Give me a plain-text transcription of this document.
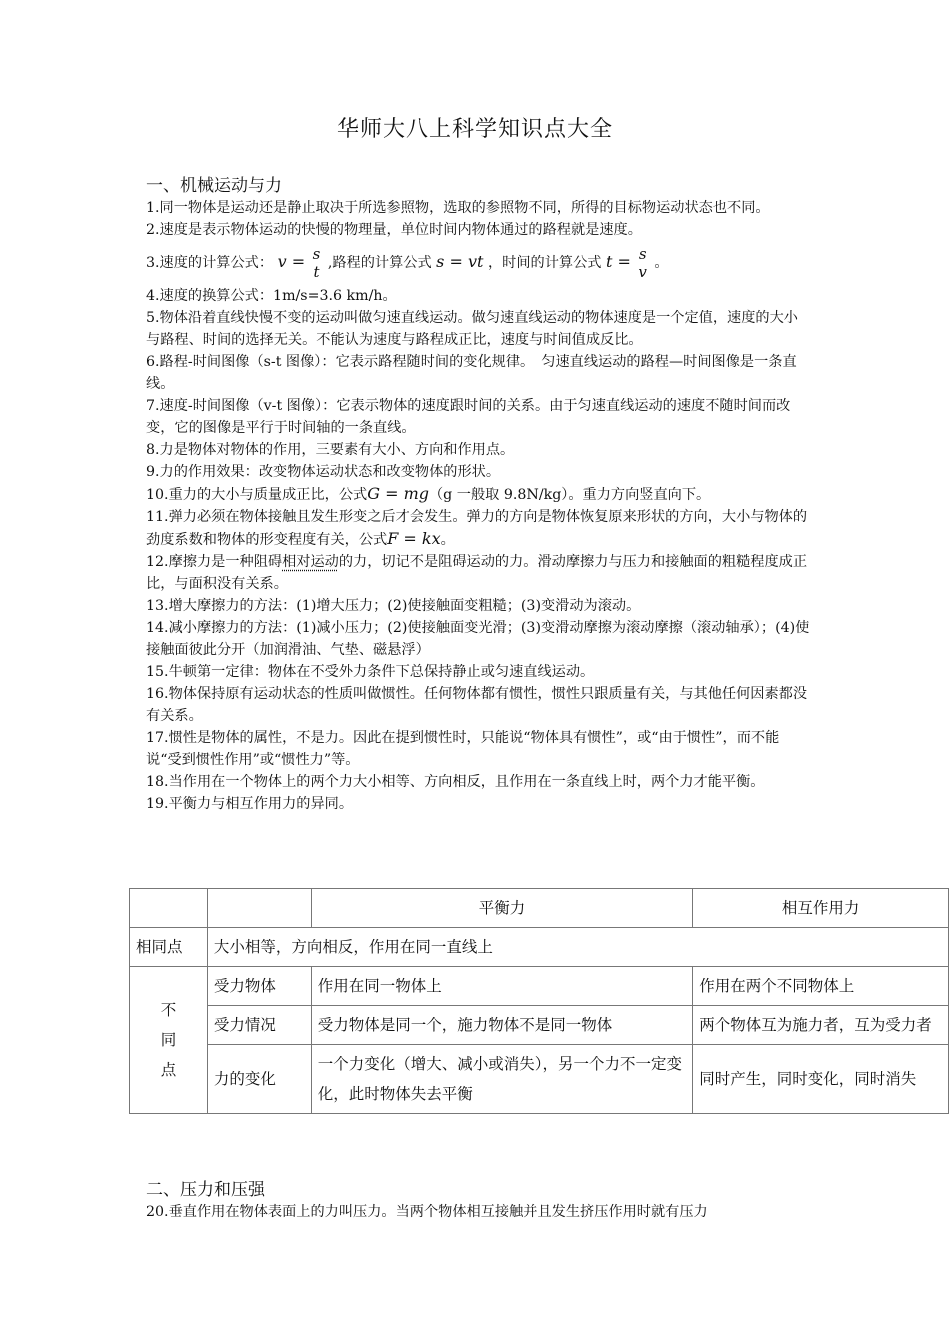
华师大八上科学知识点大全
一、机械运动与力

1.同一物体是运动还是静止取决于所选参照物，选取的参照物不同，所得的目标物运动状态也不同。

2.速度是表示物体运动的快慢的物理量，单位时间内物体通过的路程就是速度。

3.速度的计算公式： v = s
t ,路程的计算公式 s = vt ，时间的计算公式 t = s
v 。

4.速度的换算公式：1m/s=3.6 km/h。

5.物体沿着直线快慢不变的运动叫做匀速直线运动。做匀速直线运动的物体速度是一个定值，速度的大小与路程、时间的选择无关。不能认为速度与路程成正比，速度与时间值成反比。

6.路程-时间图像（s-t 图像）：它表示路程随时间的变化规律。　匀速直线运动的路程—时间图像是一条直线。

7.速度-时间图像（v-t 图像）：它表示物体的速度跟时间的关系。由于匀速直线运动的速度不随时间而改变，它的图像是平行于时间轴的一条直线。

8.力是物体对物体的作用，三要素有大小、方向和作用点。

9.力的作用效果：改变物体运动状态和改变物体的形状。

10.重力的大小与质量成正比，公式G = mg（g 一般取 9.8N/kg）。重力方向竖直向下。

11.弹力必须在物体接触且发生形变之后才会发生。弹力的方向是物体恢复原来形状的方向，大小与物体的劲度系数和物体的形变程度有关，公式F = kx。

12.摩擦力是一种阻碍相对运动的力，切记不是阻碍运动的力。滑动摩擦力与压力和接触面的粗糙程度成正比，与面积没有关系。

13.增大摩擦力的方法：(1)增大压力；(2)使接触面变粗糙；(3)变滑动为滚动。

14.减小摩擦力的方法：(1)减小压力；(2)使接触面变光滑；(3)变滑动摩擦为滚动摩擦（滚动轴承）；(4)使接触面彼此分开（加润滑油、气垫、磁悬浮）

15.牛顿第一定律：物体在不受外力条件下总保持静止或匀速直线运动。

16.物体保持原有运动状态的性质叫做惯性。任何物体都有惯性，惯性只跟质量有关，与其他任何因素都没有关系。

17.惯性是物体的属性，不是力。因此在提到惯性时，只能说“物体具有惯性”，或“由于惯性”，而不能说“受到惯性作用”或“惯性力”等。

18.当作用在一个物体上的两个力大小相等、方向相反，且作用在一条直线上时，两个力才能平衡。

19.平衡力与相互作用力的异同。

		平衡力	相互作用力
相同点	大小相等，方向相反，作用在同一直线上		
不同点	受力物体	作用在同一物体上	作用在两个不同物体上
	受力情况	受力物体是同一个，施力物体不是同一物体	两个物体互为施力者，互为受力者
	力的变化	一个力变化（增大、减小或消失），另一个力不一定变化，此时物体失去平衡	同时产生，同时变化，同时消失
二、压力和压强
20.垂直作用在物体表面上的力叫压力。当两个物体相互接触并且发生挤压作用时就有压力
